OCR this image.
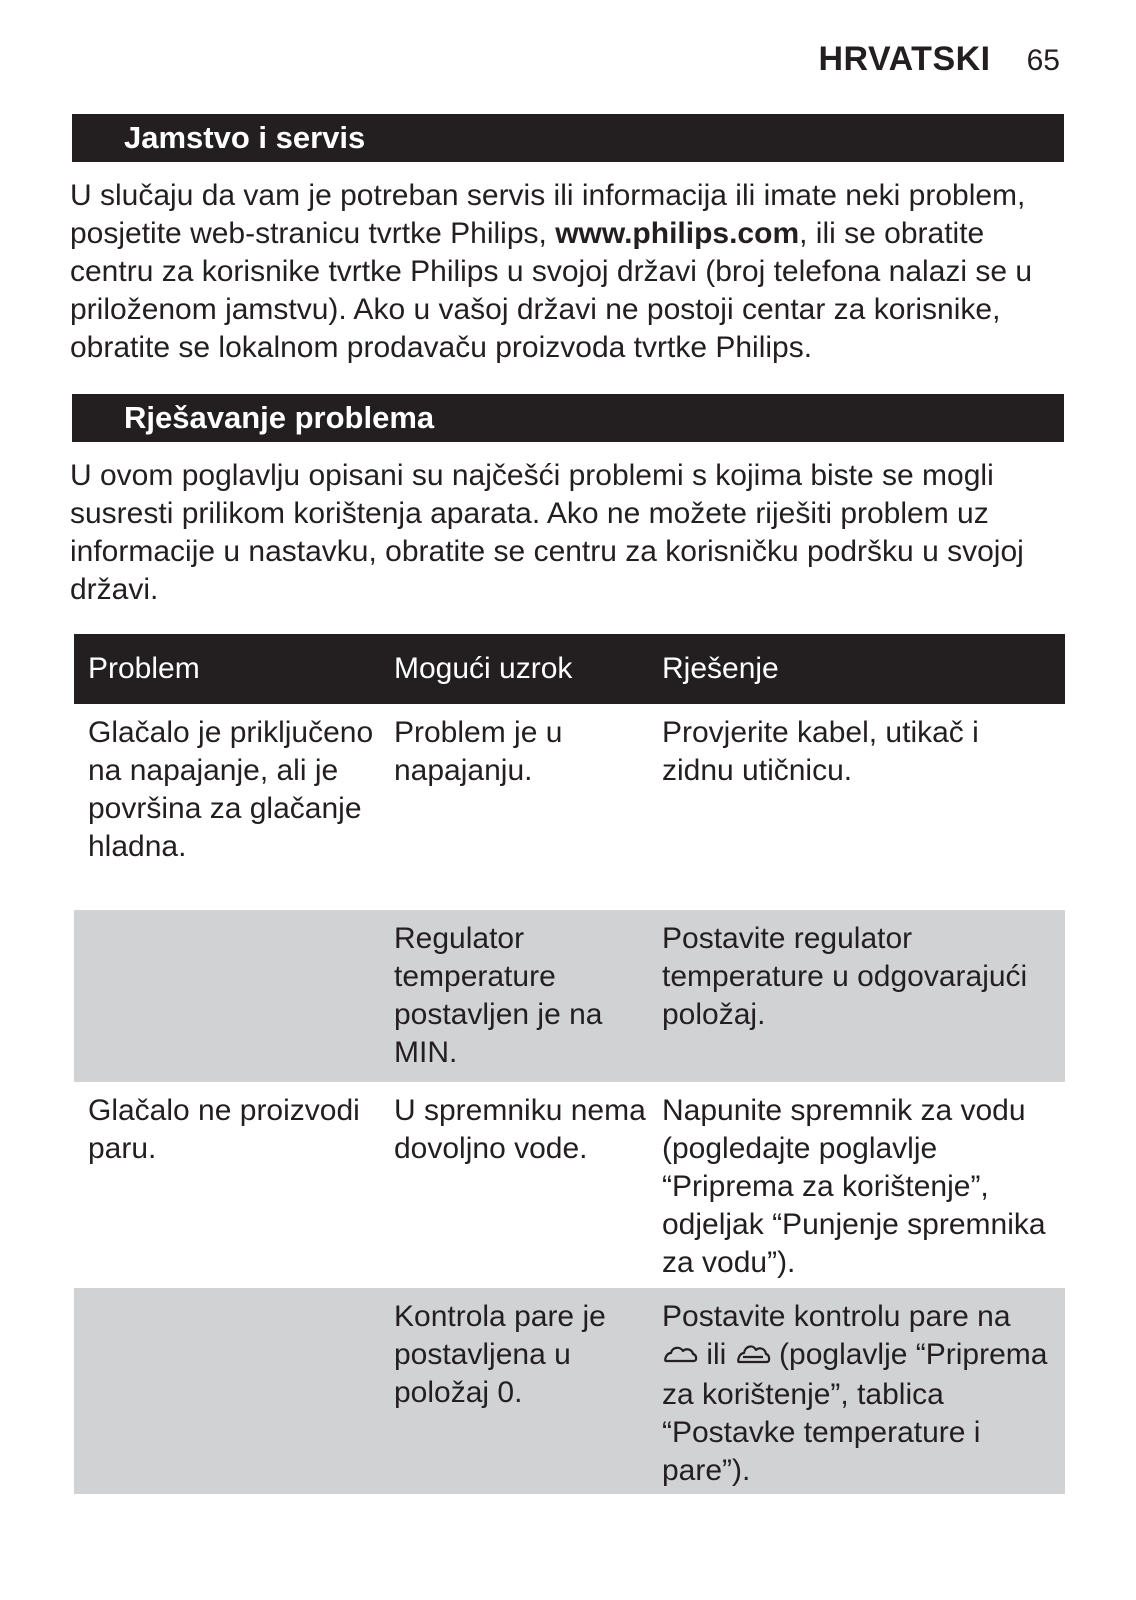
HRVATSKI 65
Jamstvo i servis

U slučaju da vam je potreban servis ili informacija ili imate neki problem, posjetite web-stranicu tvrtke Philips, www.philips.com, ili se obratite centru za korisnike tvrtke Philips u svojoj državi (broj telefona nalazi se u priloženom jamstvu). Ako u vašoj državi ne postoji centar za korisnike, obratite se lokalnom prodavaču proizvoda tvrtke Philips.

Rješavanje problema

U ovom poglavlju opisani su najčešći problemi s kojima biste se mogli susresti prilikom korištenja aparata. Ako ne možete riješiti problem uz informacije u nastavku, obratite se centru za korisničku podršku u svojoj državi.

Problem	Mogući uzrok	Rješenje
Glačalo je priključeno na napajanje, ali je površina za glačanje hladna.
Problem je u napajanju.
Provjerite kabel, utikač i zidnu utičnicu.
Regulator temperature postavljen je na MIN.
Postavite regulator temperature u odgovarajući položaj.
Glačalo ne proizvodi paru.
U spremniku nema dovoljno vode.
Napunite spremnik za vodu (pogledajte poglavlje “Priprema za korištenje”, odjeljak “Punjenje spremnika za vodu”).
Kontrola pare je postavljena u položaj 0.
Postavite kontrolu pare na
ili (poglavlje “Priprema za korištenje”, tablica “Postavke temperature i pare”).
